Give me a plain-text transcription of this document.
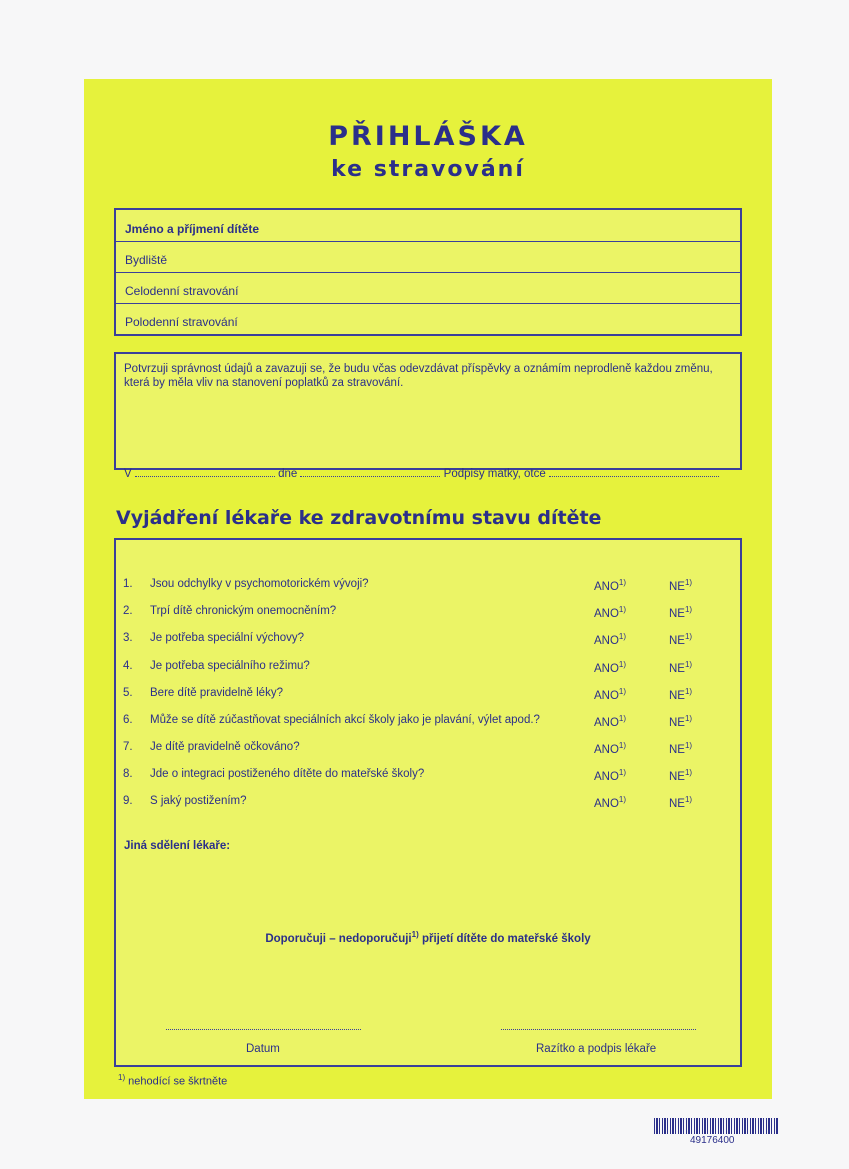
PŘIHLÁŠKA
ke stravování
Jméno a příjmení dítěte
Bydliště
Celodenní stravování
Polodenní stravování
Potvrzuji správnost údajů a zavazuji se, že budu včas odevzdávat příspěvky a oznámím neprodleně každou změnu, která by měla vliv na stanovení poplatků za stravování.
V	dne	Podpisy matky, otce
Vyjádření lékaře ke zdravotnímu stavu dítěte
1. Jsou odchylky v psychomotorickém vývoji?	ANO$^{1)}$	NE$^{1)}$
2. Trpí dítě chronickým onemocněním?	ANO$^{1)}$	NE$^{1)}$
3. Je potřeba speciální výchovy?	ANO$^{1)}$	NE$^{1)}$
4. Je potřeba speciálního režimu?	ANO$^{1)}$	NE$^{1)}$
5. Bere dítě pravidelně léky?	ANO$^{1)}$	NE$^{1)}$
6. Může se dítě zúčastňovat speciálních akcí školy jako je plavání, výlet apod.?	ANO$^{1)}$	NE$^{1)}$
7. Je dítě pravidelně očkováno?	ANO$^{1)}$	NE$^{1)}$
8. Jde o integraci postiženého dítěte do mateřské školy?	ANO$^{1)}$	NE$^{1)}$
9. S jaký postižením?	ANO$^{1)}$	NE$^{1)}$
Jiná sdělení lékaře:
Doporučuji – nedoporučuji$^{1)}$ přijetí dítěte do mateřské školy
Datum	Razítko a podpis lékaře
$^{1)}$ nehodící se škrtněte
49176400
